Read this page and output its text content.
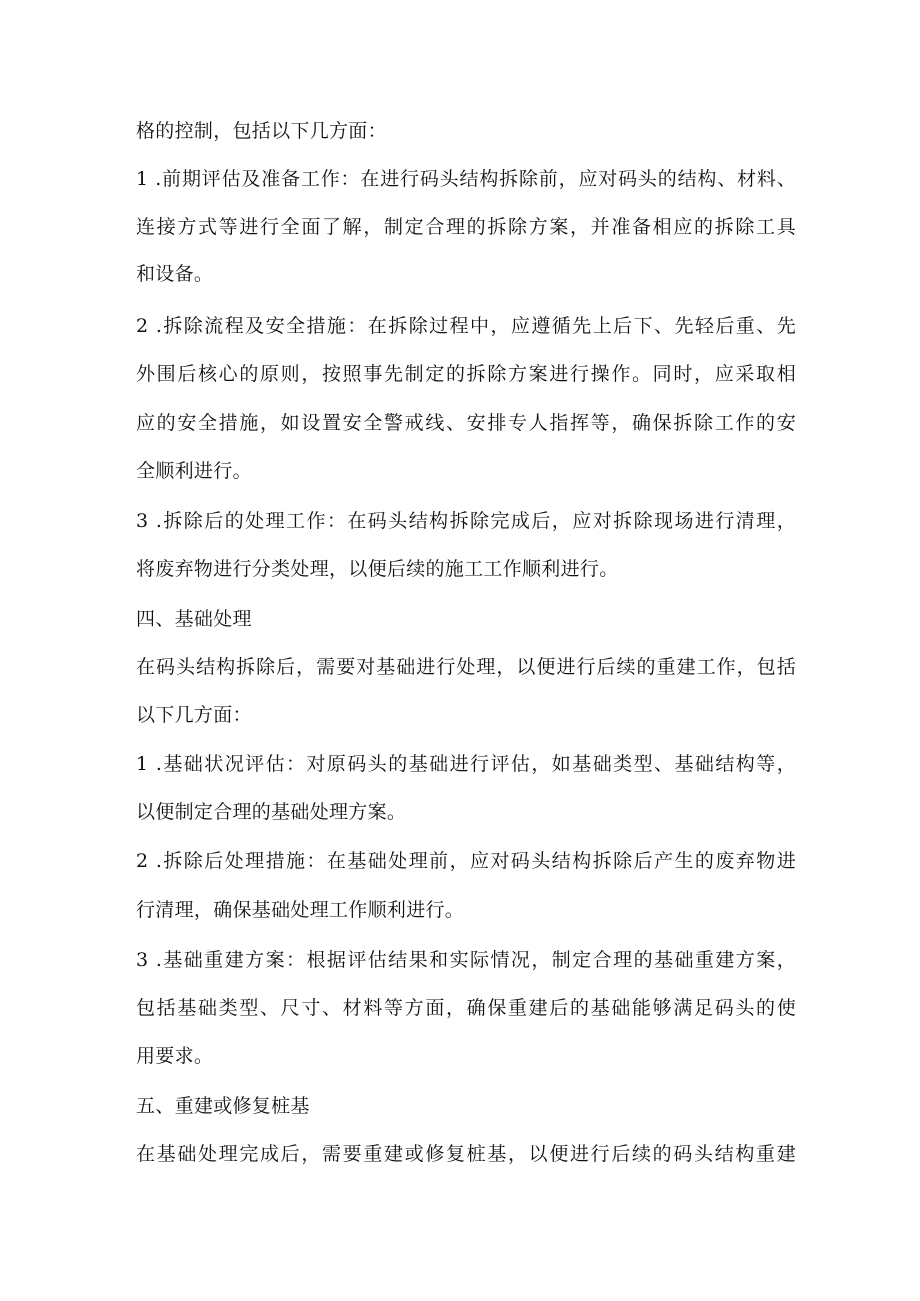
格的控制，包括以下几方面：
1 .前期评估及准备工作：在进行码头结构拆除前，应对码头的结构、材料、
连接方式等进行全面了解，制定合理的拆除方案，并准备相应的拆除工具
和设备。
2 .拆除流程及安全措施：在拆除过程中，应遵循先上后下、先轻后重、先
外围后核心的原则，按照事先制定的拆除方案进行操作。同时，应采取相
应的安全措施，如设置安全警戒线、安排专人指挥等，确保拆除工作的安
全顺利进行。
3 .拆除后的处理工作：在码头结构拆除完成后，应对拆除现场进行清理，
将废弃物进行分类处理，以便后续的施工工作顺利进行。
四、基础处理
在码头结构拆除后，需要对基础进行处理，以便进行后续的重建工作，包括
以下几方面：
1 .基础状况评估：对原码头的基础进行评估，如基础类型、基础结构等，
以便制定合理的基础处理方案。
2 .拆除后处理措施：在基础处理前，应对码头结构拆除后产生的废弃物进
行清理，确保基础处理工作顺利进行。
3 .基础重建方案：根据评估结果和实际情况，制定合理的基础重建方案，
包括基础类型、尺寸、材料等方面，确保重建后的基础能够满足码头的使
用要求。
五、重建或修复桩基
在基础处理完成后，需要重建或修复桩基，以便进行后续的码头结构重建
